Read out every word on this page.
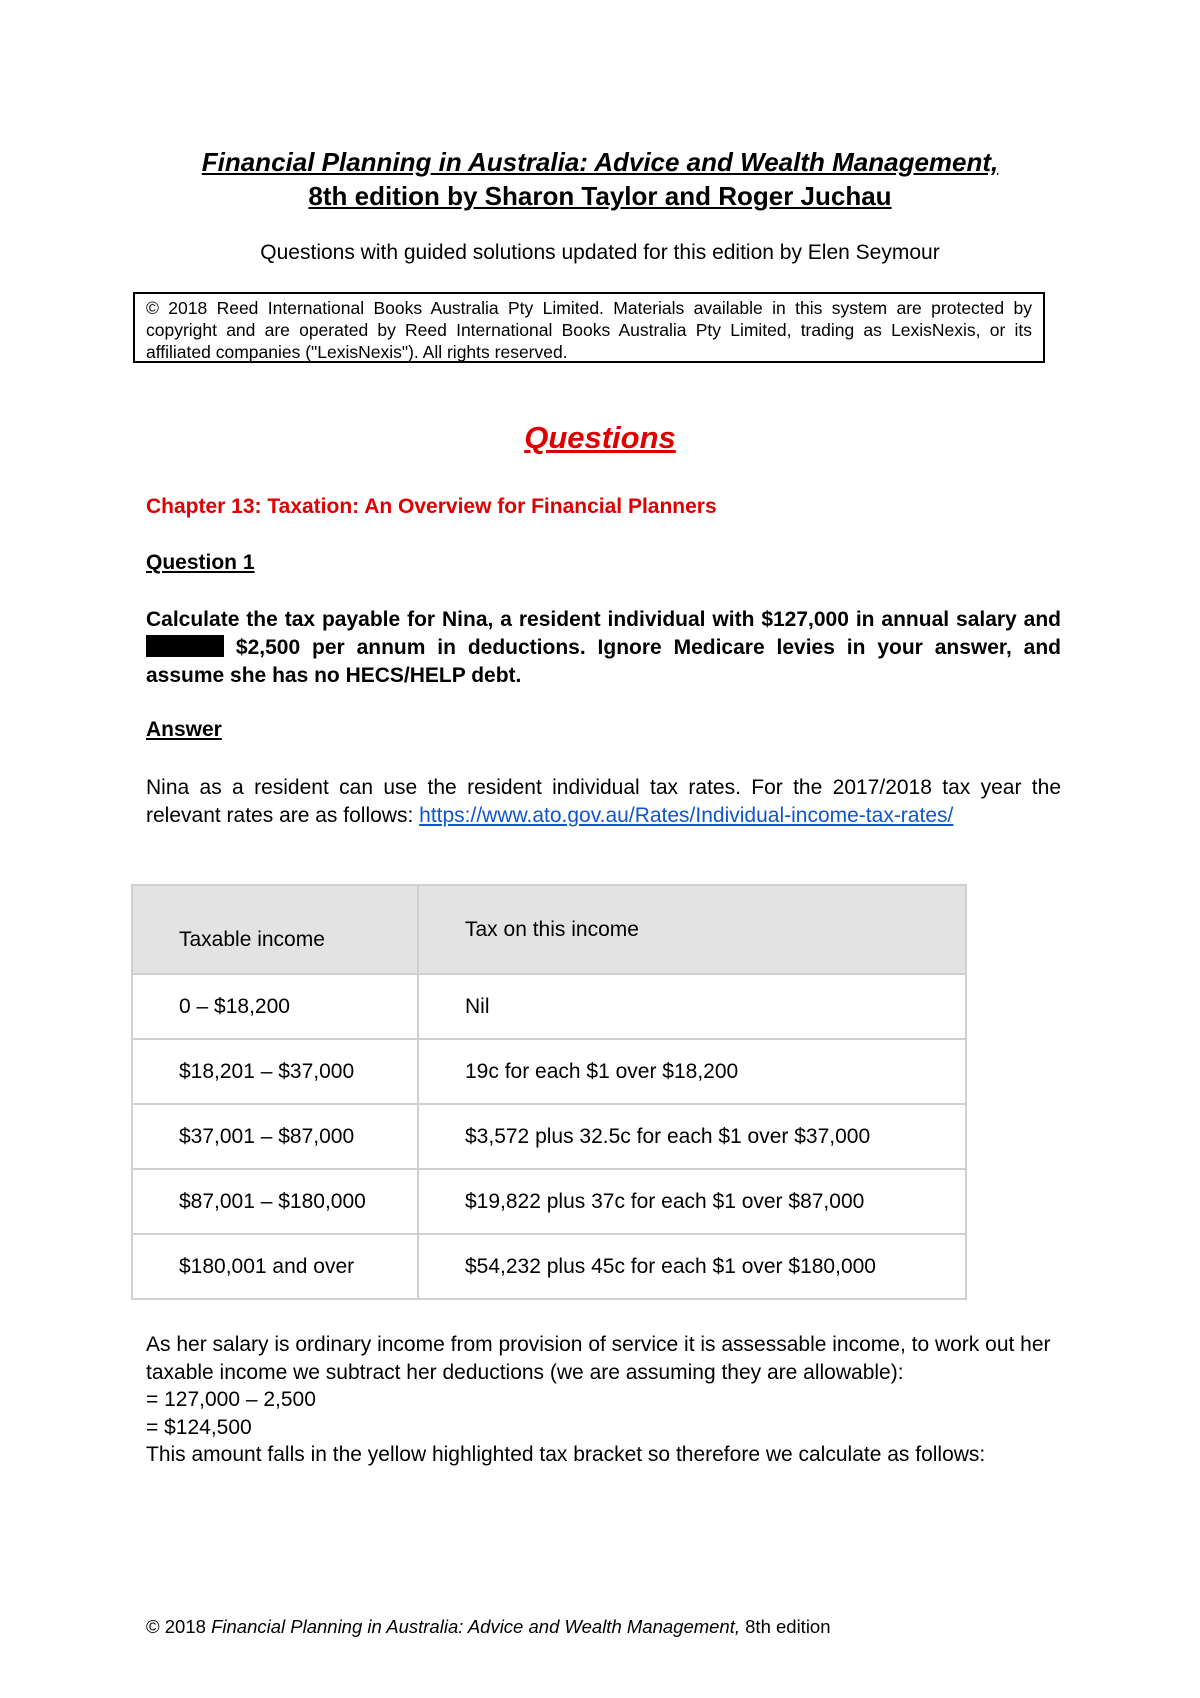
Financial Planning in Australia: Advice and Wealth Management,
8th edition by Sharon Taylor and Roger Juchau
Questions with guided solutions updated for this edition by Elen Seymour
© 2018 Reed International Books Australia Pty Limited. Materials available in this system are protected by copyright and are operated by Reed International Books Australia Pty Limited, trading as LexisNexis, or its affiliated companies ("LexisNexis"). All rights reserved.
Questions
Chapter 13: Taxation: An Overview for Financial Planners
Question 1
Calculate the tax payable for Nina, a resident individual with $127,000 in annual salary and  $2,500 per annum in deductions. Ignore Medicare levies in your answer, and assume she has no HECS/HELP debt.
Answer
Nina as a resident can use the resident individual tax rates. For the 2017/2018 tax year the relevant rates are as follows: https://www.ato.gov.au/Rates/Individual-income-tax-rates/
Taxable income	Tax on this income
0 – $18,200	Nil
$18,201 – $37,000	19c for each $1 over $18,200
$37,001 – $87,000	$3,572 plus 32.5c for each $1 over $37,000
$87,001 – $180,000	$19,822 plus 37c for each $1 over $87,000
$180,001 and over	$54,232 plus 45c for each $1 over $180,000

As her salary is ordinary income from provision of service it is assessable income, to work out her taxable income we subtract her deductions (we are assuming they are allowable):

= 127,000 – 2,500

= $124,500

This amount falls in the yellow highlighted tax bracket so therefore we calculate as follows:

© 2018 Financial Planning in Australia: Advice and Wealth Management, 8th edition
